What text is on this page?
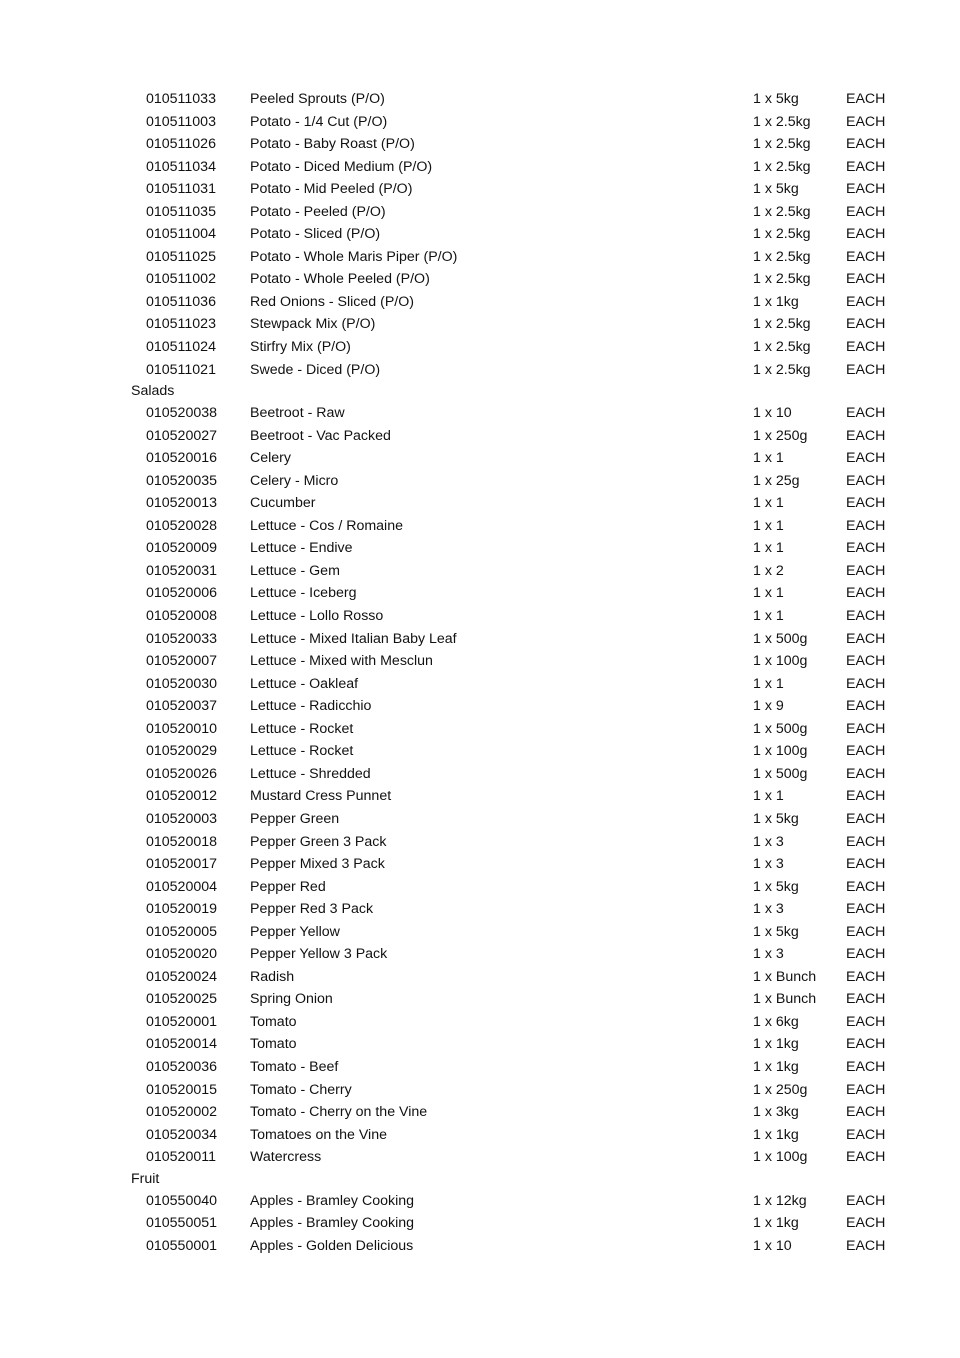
010511033 Peeled Sprouts (P/O)	1 x 5kg	EACH
010511003 Potato - 1/4 Cut (P/O)	1 x 2.5kg EACH
010511026 Potato - Baby Roast (P/O)	1 x 2.5kg EACH
010511034 Potato - Diced Medium (P/O)	1 x 2.5kg EACH
010511031 Potato - Mid Peeled (P/O)	1 x 5kg	EACH
010511035 Potato - Peeled (P/O)	1 x 2.5kg EACH
010511004 Potato - Sliced (P/O)	1 x 2.5kg EACH
010511025 Potato - Whole Maris Piper (P/O)	1 x 2.5kg EACH
010511002 Potato - Whole Peeled (P/O)	1 x 2.5kg EACH
010511036 Red Onions - Sliced (P/O)	1 x 1kg	EACH
010511023 Stewpack Mix (P/O)	1 x 2.5kg EACH
010511024 Stirfry Mix (P/O)	1 x 2.5kg EACH
010511021 Swede - Diced (P/O)	1 x 2.5kg EACH
Salads
010520038 Beetroot - Raw	1 x 10	EACH
010520027 Beetroot - Vac Packed	1 x 250g	EACH
010520016 Celery	1 x 1	EACH
010520035 Celery - Micro	1 x 25g	EACH
010520013 Cucumber	1 x 1	EACH
010520028 Lettuce - Cos / Romaine	1 x 1	EACH
010520009 Lettuce - Endive	1 x 1	EACH
010520031 Lettuce - Gem	1 x 2	EACH
010520006 Lettuce - Iceberg	1 x 1	EACH
010520008 Lettuce - Lollo Rosso	1 x 1	EACH
010520033 Lettuce - Mixed Italian Baby Leaf	1 x 500g	EACH
010520007 Lettuce - Mixed with Mesclun	1 x 100g	EACH
010520030 Lettuce - Oakleaf	1 x 1	EACH
010520037 Lettuce - Radicchio	1 x 9	EACH
010520010 Lettuce - Rocket	1 x 500g	EACH
010520029 Lettuce - Rocket	1 x 100g	EACH
010520026 Lettuce - Shredded	1 x 500g	EACH
010520012 Mustard Cress Punnet	1 x 1	EACH
010520003 Pepper Green	1 x 5kg	EACH
010520018 Pepper Green 3 Pack	1 x 3	EACH
010520017 Pepper Mixed 3 Pack	1 x 3	EACH
010520004 Pepper Red	1 x 5kg	EACH
010520019 Pepper Red 3 Pack	1 x 3	EACH
010520005 Pepper Yellow	1 x 5kg	EACH
010520020 Pepper Yellow 3 Pack	1 x 3	EACH
010520024 Radish	1 x Bunch EACH
010520025 Spring Onion	1 x Bunch EACH
010520001 Tomato	1 x 6kg	EACH
010520014 Tomato	1 x 1kg	EACH
010520036 Tomato - Beef	1 x 1kg	EACH
010520015 Tomato - Cherry	1 x 250g	EACH
010520002 Tomato - Cherry on the Vine	1 x 3kg	EACH
010520034 Tomatoes on the Vine	1 x 1kg	EACH
010520011 Watercress	1 x 100g	EACH
Fruit
010550040 Apples - Bramley Cooking	1 x 12kg	EACH
010550051 Apples - Bramley Cooking	1 x 1kg	EACH
010550001 Apples - Golden Delicious	1 x 10	EACH
